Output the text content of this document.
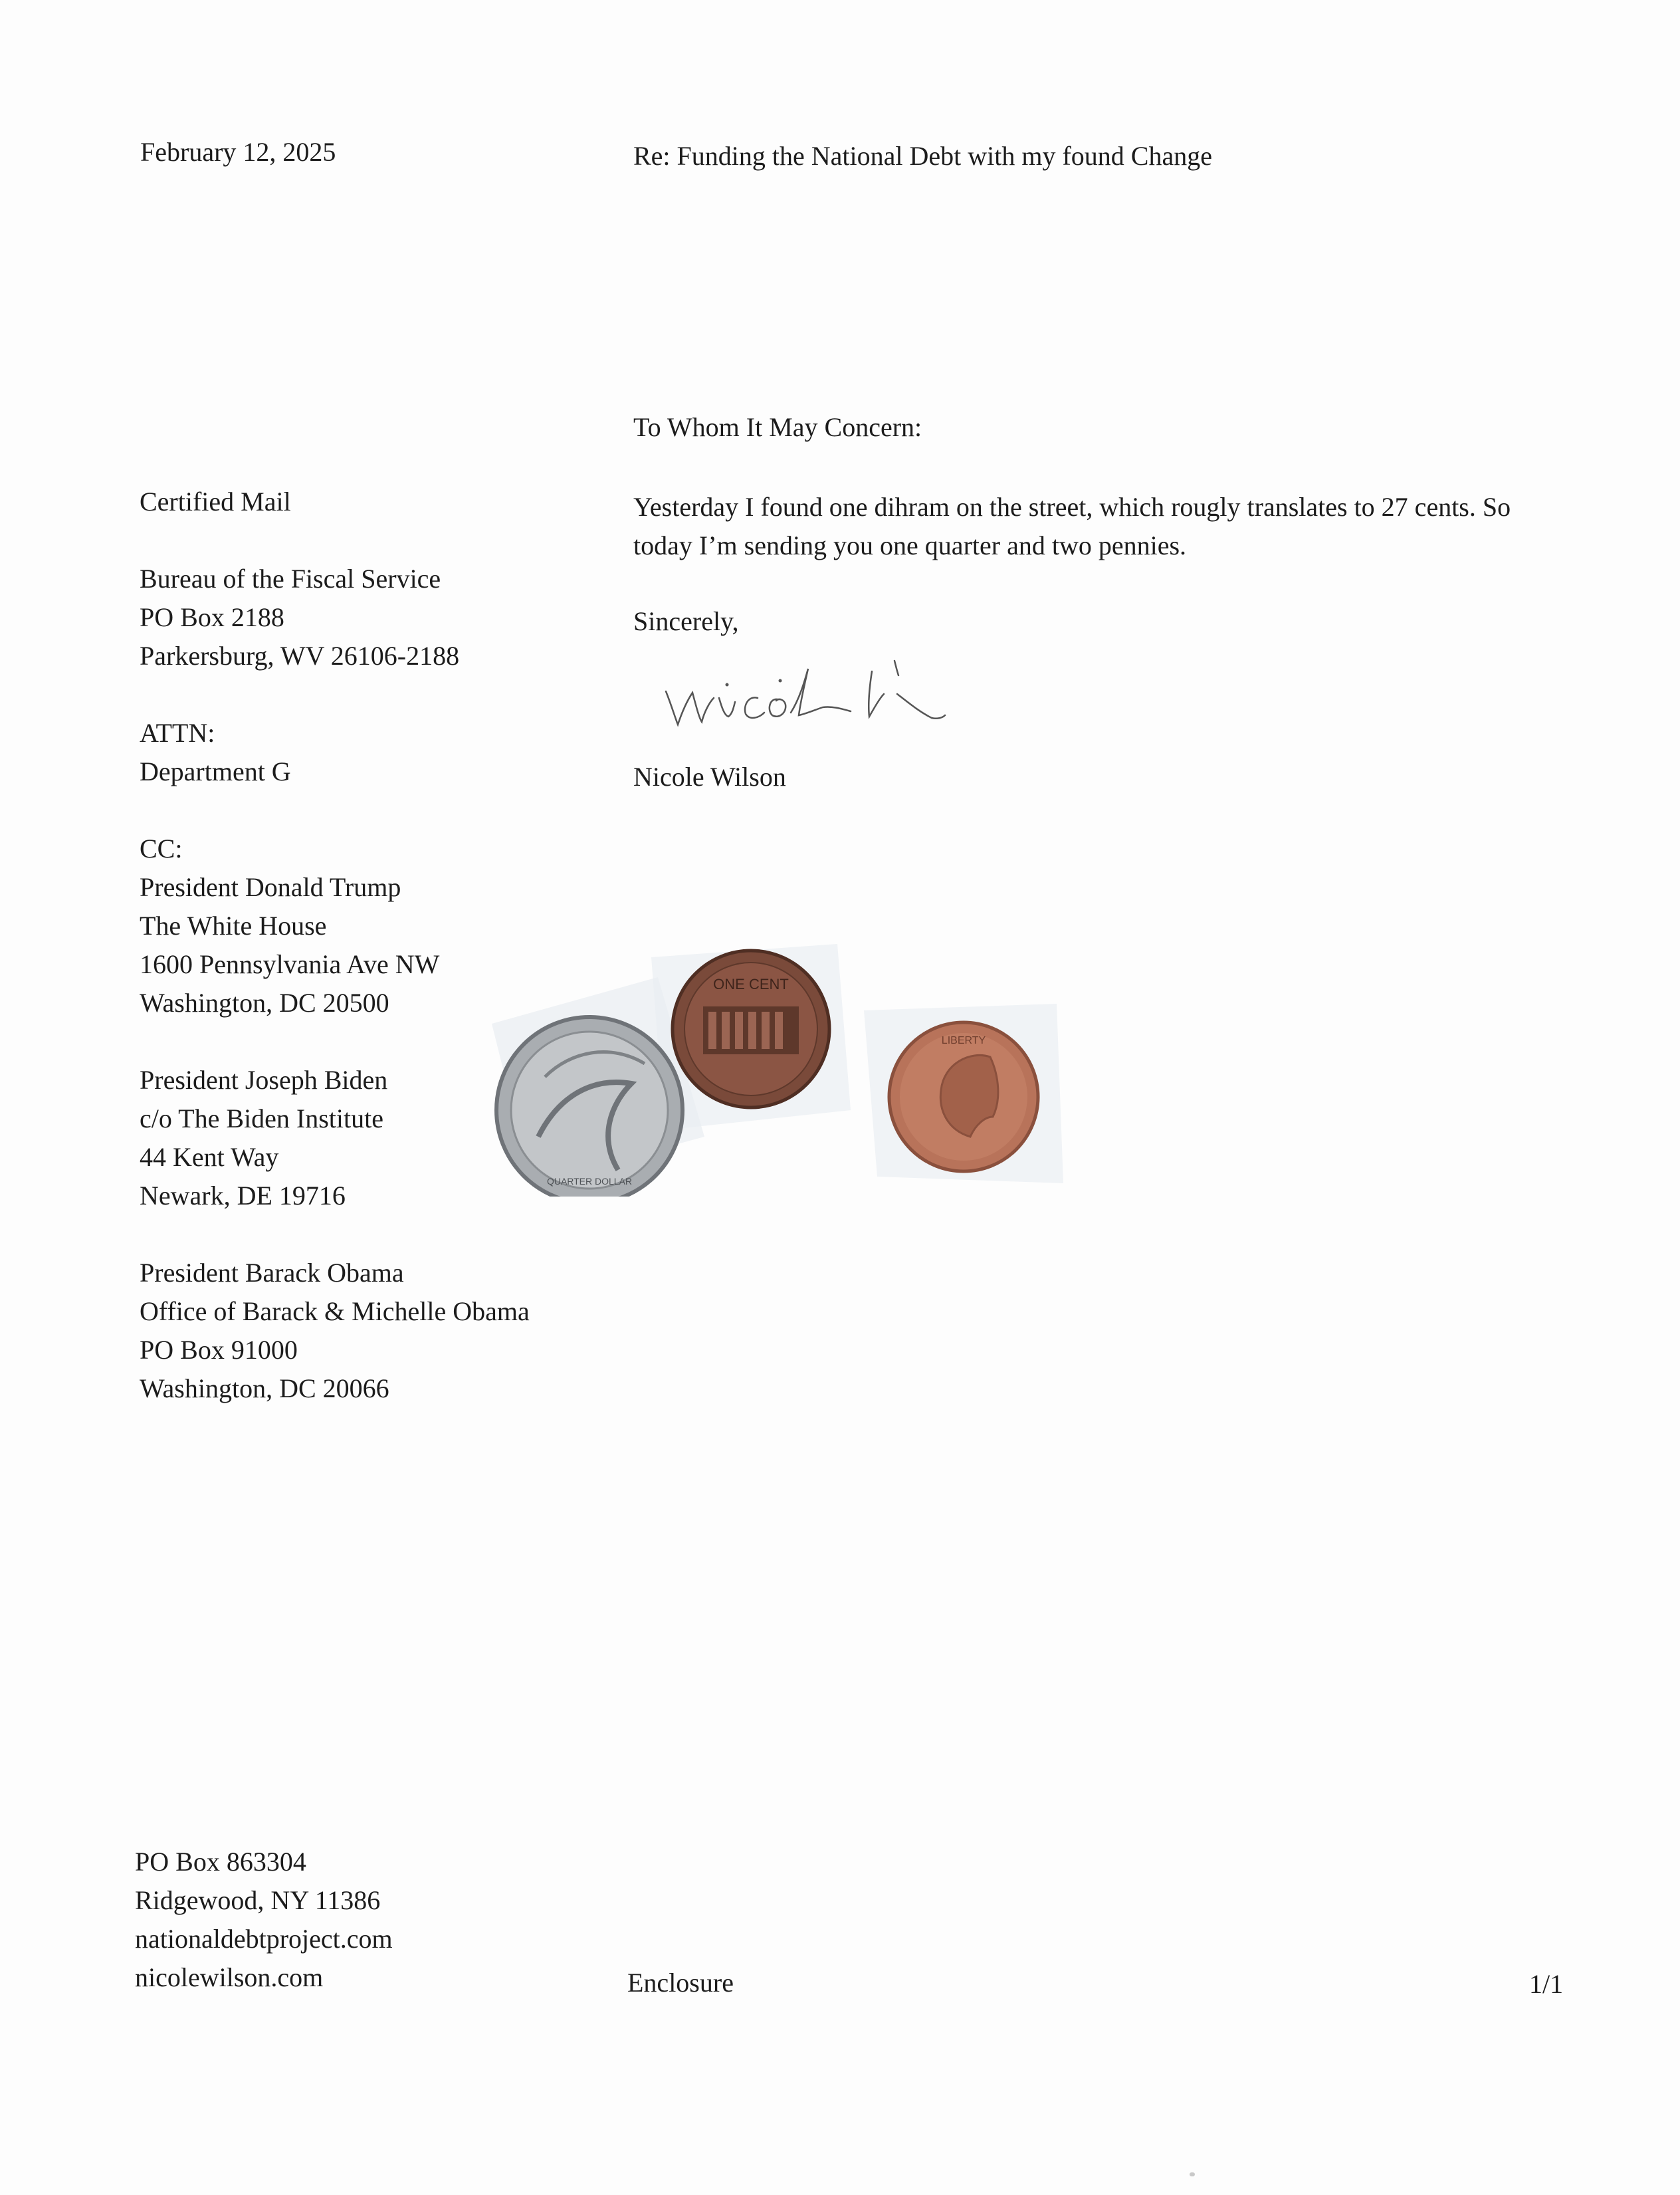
February 12, 2025	Re: Funding the National Debt with my found Change
To Whom It May Concern:
Certified Mail
Bureau of the Fiscal Service
PO Box 2188
Parkersburg, WV 26106-2188
ATTN:
Department G
CC:
President Donald Trump
The White House
1600 Pennsylvania Ave NW
Washington, DC 20500
President Joseph Biden
c/o The Biden Institute
44 Kent Way
Newark, DE 19716
President Barack Obama
Office of Barack & Michelle Obama
PO Box 91000
Washington, DC 20066
Yesterday I found one dihram on the street, which rougly translates to 27 cents. So today I’m sending you one quarter and two pennies.
Sincerely,
Nicole Wilson
QUARTER DOLLAR
ONE CENT
LIBERTY
PO Box 863304
Ridgewood, NY 11386
nationaldebtproject.com
nicolewilson.com	Enclosure	1/1
